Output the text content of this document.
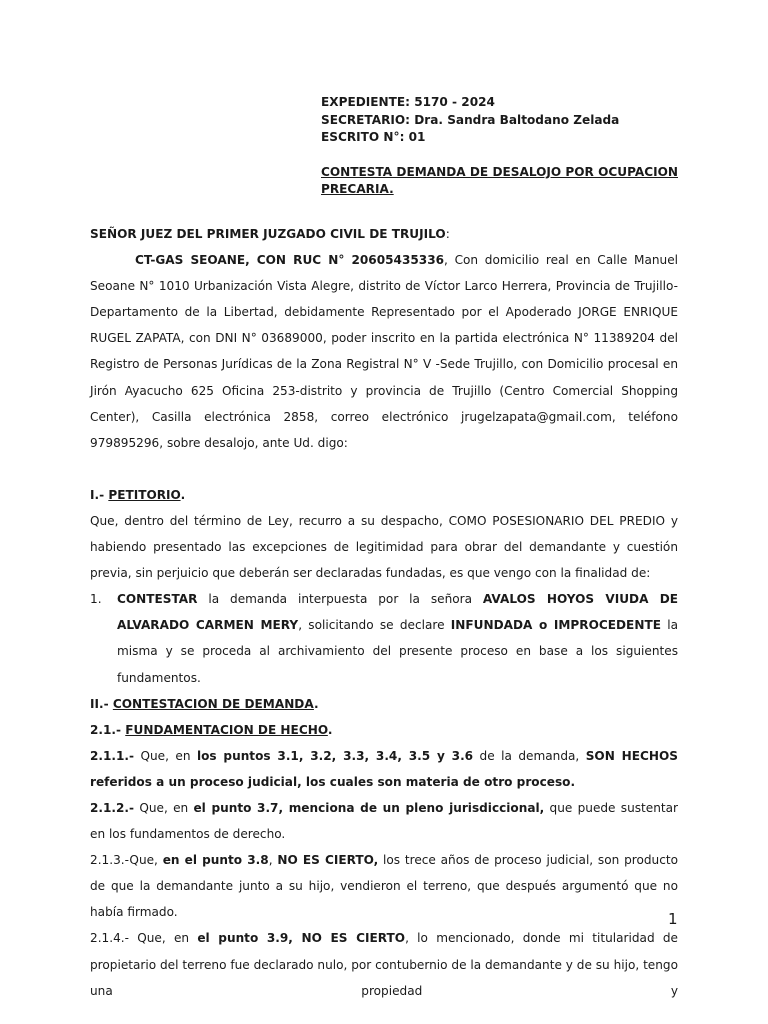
EXPEDIENTE: 5170 - 2024
SECRETARIO: Dra. Sandra Baltodano Zelada
ESCRITO N°: 01
CONTESTA DEMANDA DE DESALOJO POR OCUPACION
PRECARIA.

SEÑOR JUEZ DEL PRIMER JUZGADO CIVIL DE TRUJILO:

CT-GAS SEOANE, CON RUC N° 20605435336, Con domicilio real en Calle Manuel Seoane N° 1010 Urbanización Vista Alegre, distrito de Víctor Larco Herrera, Provincia de Trujillo-Departamento de la Libertad, debidamente Representado por el Apoderado JORGE ENRIQUE RUGEL ZAPATA, con DNI N° 03689000, poder inscrito en la partida electrónica N° 11389204 del Registro de Personas Jurídicas de la Zona Registral N° V -Sede Trujillo, con Domicilio procesal en Jirón Ayacucho 625 Oficina 253-distrito y provincia de Trujillo (Centro Comercial Shopping Center), Casilla electrónica 2858, correo electrónico jrugelzapata@gmail.com, teléfono 979895296, sobre desalojo, ante Ud. digo:

I.- PETITORIO.

Que, dentro del término de Ley, recurro a su despacho, COMO POSESIONARIO DEL PREDIO y habiendo presentado las excepciones de legitimidad para obrar del demandante y cuestión previa, sin perjuicio que deberán ser declaradas fundadas, es que vengo con la finalidad de:

1. CONTESTAR la demanda interpuesta por la señora AVALOS HOYOS VIUDA DE ALVARADO CARMEN MERY, solicitando se declare INFUNDADA o IMPROCEDENTE la misma y se proceda al archivamiento del presente proceso en base a los siguientes fundamentos.

II.- CONTESTACION DE DEMANDA.

2.1.- FUNDAMENTACION DE HECHO.

2.1.1.- Que, en los puntos 3.1, 3.2, 3.3, 3.4, 3.5 y 3.6 de la demanda, SON HECHOS referidos a un proceso judicial, los cuales son materia de otro proceso.

2.1.2.- Que, en el punto 3.7, menciona de un pleno jurisdiccional, que puede sustentar en los fundamentos de derecho.

2.1.3.-Que, en el punto 3.8, NO ES CIERTO, los trece años de proceso judicial, son producto de que la demandante junto a su hijo, vendieron el terreno, que después argumentó que no había firmado.

2.1.4.- Que, en el punto 3.9, NO ES CIERTO, lo mencionado, donde mi titularidad de propietario del terreno fue declarado nulo, por contubernio de la demandante y de su hijo, tengo una propiedad y

1
